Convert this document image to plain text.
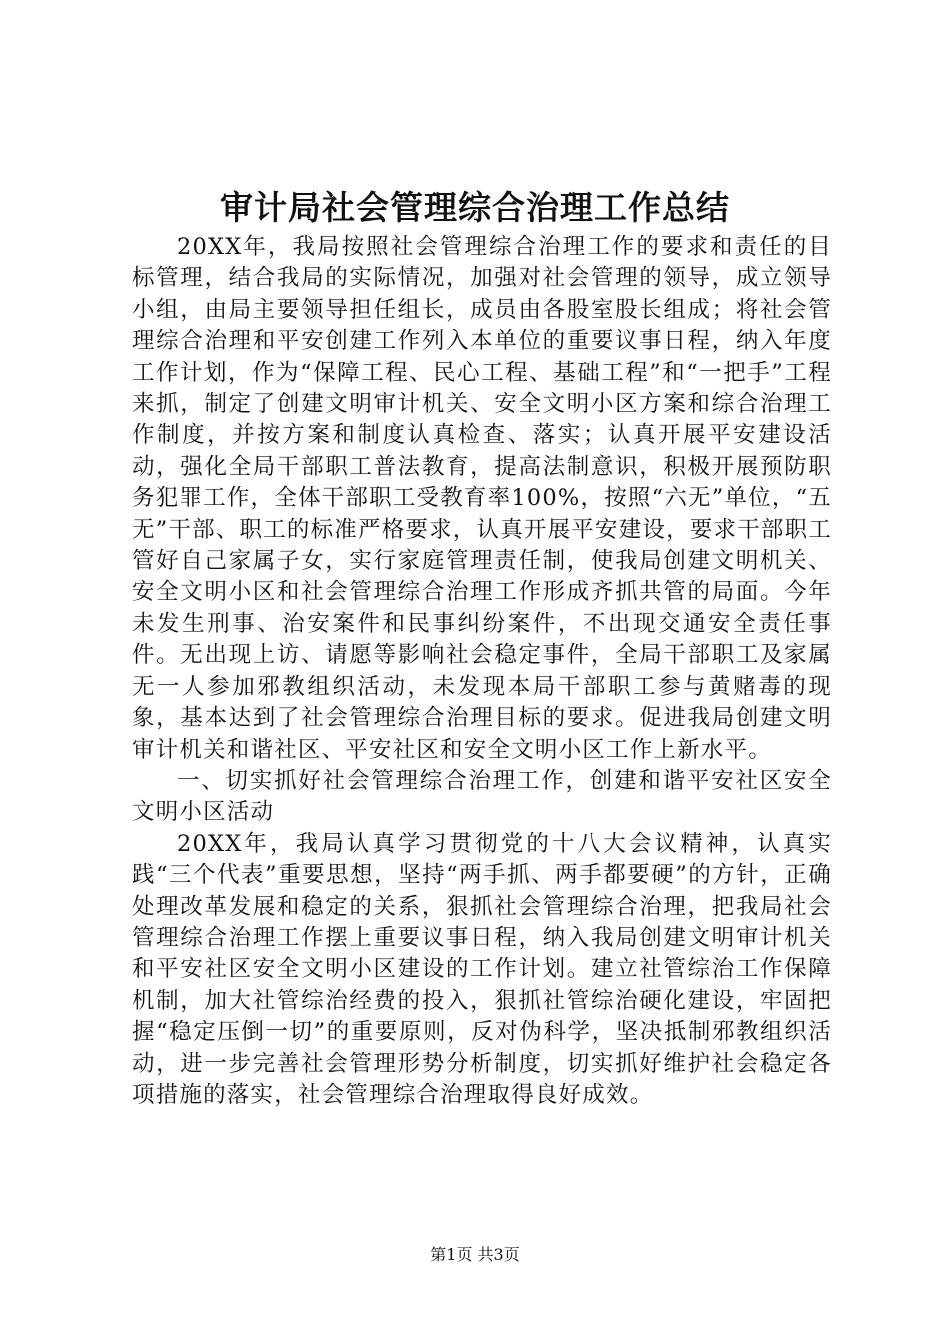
审计局社会管理综合治理工作总结

20XX年，我局按照社会管理综合治理工作的要求和责任的目标管理，结合我局的实际情况，加强对社会管理的领导，成立领导小组，由局主要领导担任组长，成员由各股室股长组成；将社会管理综合治理和平安创建工作列入本单位的重要议事日程，纳入年度工作计划，作为“保障工程、民心工程、基础工程”和“一把手”工程来抓，制定了创建文明审计机关、安全文明小区方案和综合治理工作制度，并按方案和制度认真检查、落实；认真开展平安建设活动，强化全局干部职工普法教育，提高法制意识，积极开展预防职务犯罪工作，全体干部职工受教育率100%，按照“六无”单位，“五无”干部、职工的标准严格要求，认真开展平安建设，要求干部职工管好自己家属子女，实行家庭管理责任制，使我局创建文明机关、安全文明小区和社会管理综合治理工作形成齐抓共管的局面。今年未发生刑事、治安案件和民事纠纷案件，不出现交通安全责任事件。无出现上访、请愿等影响社会稳定事件，全局干部职工及家属无一人参加邪教组织活动，未发现本局干部职工参与黄赌毒的现象，基本达到了社会管理综合治理目标的要求。促进我局创建文明审计机关和谐社区、平安社区和安全文明小区工作上新水平。

一、切实抓好社会管理综合治理工作，创建和谐平安社区安全文明小区活动

20XX年，我局认真学习贯彻党的十八大会议精神，认真实践“三个代表”重要思想，坚持“两手抓、两手都要硬”的方针，正确处理改革发展和稳定的关系，狠抓社会管理综合治理，把我局社会管理综合治理工作摆上重要议事日程，纳入我局创建文明审计机关和平安社区安全文明小区建设的工作计划。建立社管综治工作保障机制，加大社管综治经费的投入，狠抓社管综治硬化建设，牢固把握“稳定压倒一切”的重要原则，反对伪科学，坚决抵制邪教组织活动，进一步完善社会管理形势分析制度，切实抓好维护社会稳定各项措施的落实，社会管理综合治理取得良好成效。

第1页 共3页
